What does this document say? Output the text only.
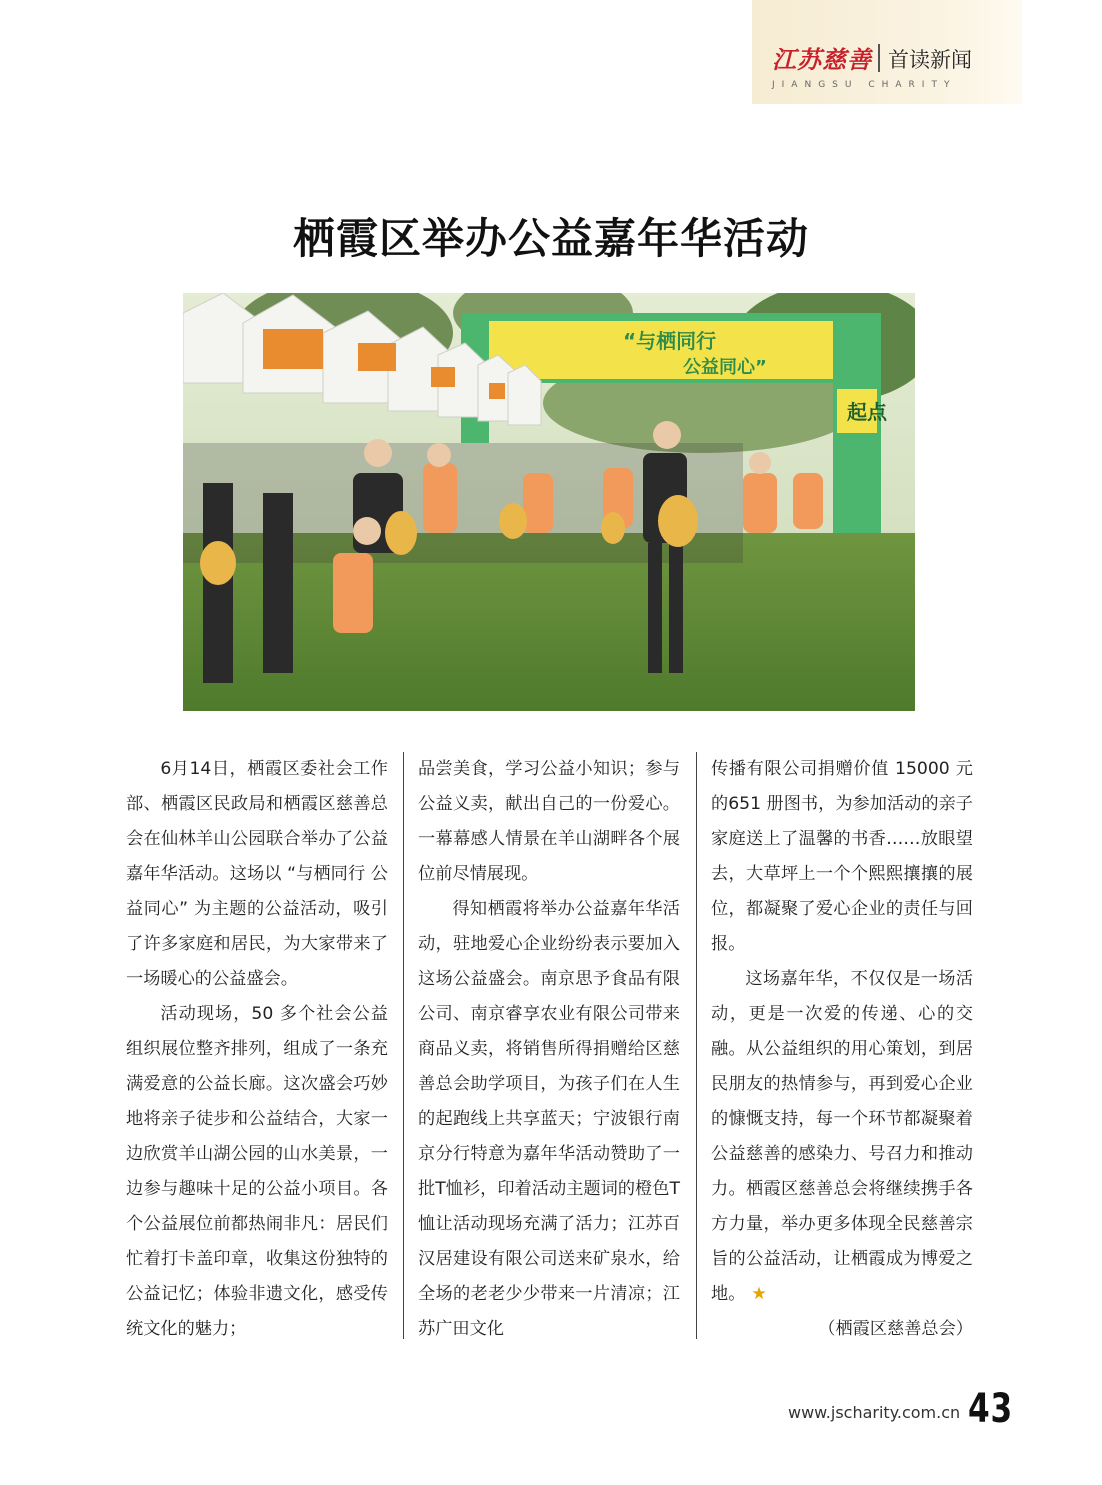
江苏慈善 首读新闻
JIANGSU CHARITY
栖霞区举办公益嘉年华活动
“与栖同行
公益同心”
起点

6月14日，栖霞区委社会工作部、栖霞区民政局和栖霞区慈善总会在仙林羊山公园联合举办了公益嘉年华活动。这场以 “与栖同行 公益同心” 为主题的公益活动，吸引了许多家庭和居民，为大家带来了一场暖心的公益盛会。

活动现场，50 多个社会公益组织展位整齐排列，组成了一条充满爱意的公益长廊。这次盛会巧妙地将亲子徒步和公益结合，大家一边欣赏羊山湖公园的山水美景，一边参与趣味十足的公益小项目。各个公益展位前都热闹非凡：居民们忙着打卡盖印章，收集这份独特的公益记忆；体验非遗文化，感受传统文化的魅力；

品尝美食，学习公益小知识；参与公益义卖，献出自己的一份爱心。一幕幕感人情景在羊山湖畔各个展位前尽情展现。

得知栖霞将举办公益嘉年华活动，驻地爱心企业纷纷表示要加入这场公益盛会。南京思予食品有限公司、南京睿享农业有限公司带来商品义卖，将销售所得捐赠给区慈善总会助学项目，为孩子们在人生的起跑线上共享蓝天；宁波银行南京分行特意为嘉年华活动赞助了一批T恤衫，印着活动主题词的橙色T恤让活动现场充满了活力；江苏百汉居建设有限公司送来矿泉水，给全场的老老少少带来一片清凉；江苏广田文化

传播有限公司捐赠价值 15000 元的651 册图书，为参加活动的亲子家庭送上了温馨的书香……放眼望去，大草坪上一个个熙熙攘攘的展位，都凝聚了爱心企业的责任与回报。

这场嘉年华，不仅仅是一场活动，更是一次爱的传递、心的交融。从公益组织的用心策划，到居民朋友的热情参与，再到爱心企业的慷慨支持，每一个环节都凝聚着公益慈善的感染力、号召力和推动力。栖霞区慈善总会将继续携手各方力量，举办更多体现全民慈善宗旨的公益活动，让栖霞成为博爱之地。 ★

（栖霞区慈善总会）
www.jscharity.com.cn 43
